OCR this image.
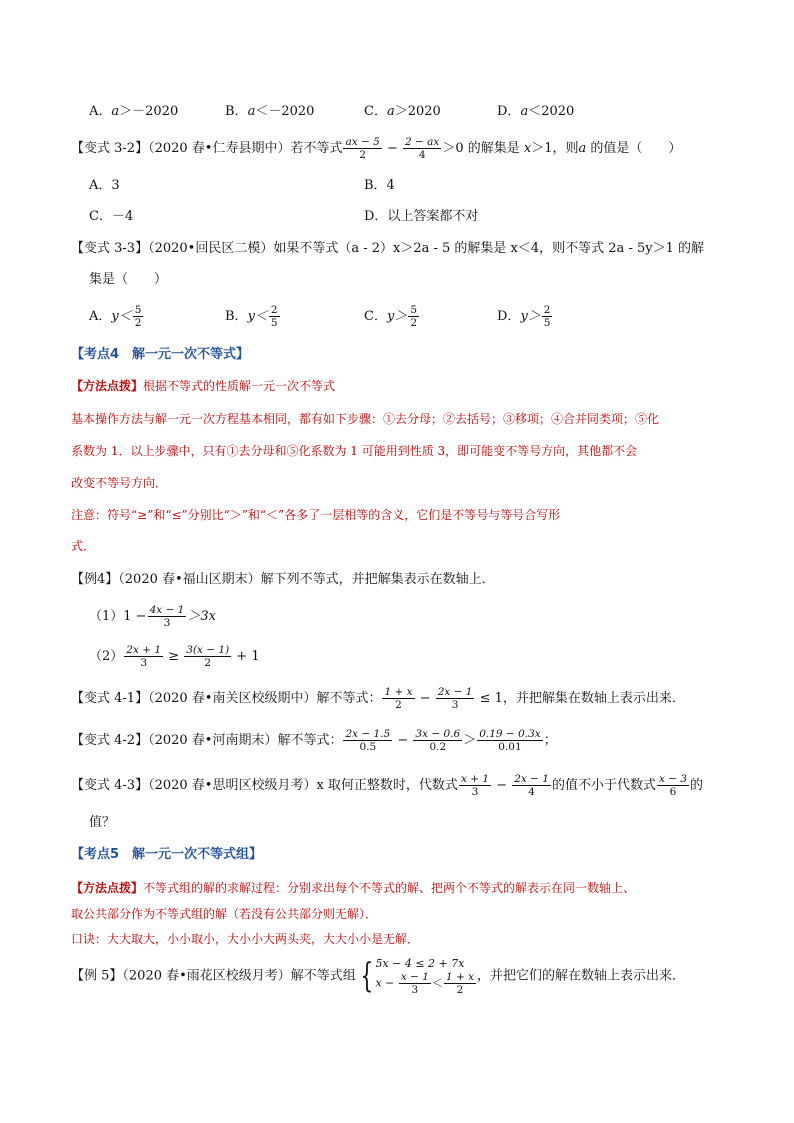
A．a＞－2020	B．a＜－2020	C．a＞2020	D．a＜2020
【变式 3-2】（2020 春•仁寿县期中）若不等式 $\frac{ax - 5}{2} - \frac{2 - ax}{4} >0$ 的解集是 x＞1，则a 的值是（　　）
A．3	B．4
C．－4	D．以上答案都不对
【变式 3-3】（2020•回民区二模）如果不等式（a - 2）x＞2a - 5 的解集是 x＜4，则不等式 2a - 5y＞1 的解
集是（　　）
A．$y< \frac{5}{2}$	B．$y< \frac{2}{5}$	C．$y> \frac{5}{2}$	D．$y> \frac{2}{5}$
【考点4　解一元一次不等式】
【方法点拨】根据不等式的性质解一元一次不等式
基本操作方法与解一元一次方程基本相同，都有如下步骤：①去分母；②去括号；③移项；④合并同类项；⑤化
系数为 1．以上步骤中，只有①去分母和⑤化系数为 1 可能用到性质 3，即可能变不等号方向，其他都不会
改变不等号方向．
注意：符号“≥”和“≤”分别比“＞”和“＜”各多了一层相等的含义，它们是不等号与等号合写形
式．
【例4】（2020 春•福山区期末）解下列不等式，并把解集表示在数轴上．
$(1)1 - \frac{4x - 1}{3} >3x$
$(2) \frac{2x + 1}{3} \ge \frac{3(x - 1)}{2} + 1$
【变式 4-1】（2020 春•南关区校级期中）解不等式： $\frac{1 + x}{2} - \frac{2x - 1}{3} \le 1$，并把解集在数轴上表示出来．
【变式 4-2】（2020 春•河南期末）解不等式： $\frac{2x - 1.5}{0.5} - \frac{3x - 0.6}{0.2} > \frac{0.19 - 0.3x}{0.01}$ ；
【变式 4-3】（2020 春•思明区校级月考）x 取何正整数时，代数式 $\frac{x + 1}{3} - \frac{2x - 1}{4}$ 的值不小于代数式 $\frac{x - 3}{6}$ 的
值？
【考点5　解一元一次不等式组】
【方法点拨】不等式组的解的求解过程：分别求出每个不等式的解、把两个不等式的解表示在同一数轴上、
取公共部分作为不等式组的解（若没有公共部分则无解）．
口诀：大大取大，小小取小，大小小大两头夹，大大小小是无解．
【例 5】（2020 春•雨花区校级月考）解不等式组 { 5x − 4 ≤ 2 + 7x
$x - \frac{x - 1}{3} < \frac{1 + x}{2}$ ，并把它们的解在数轴上表示出来．
